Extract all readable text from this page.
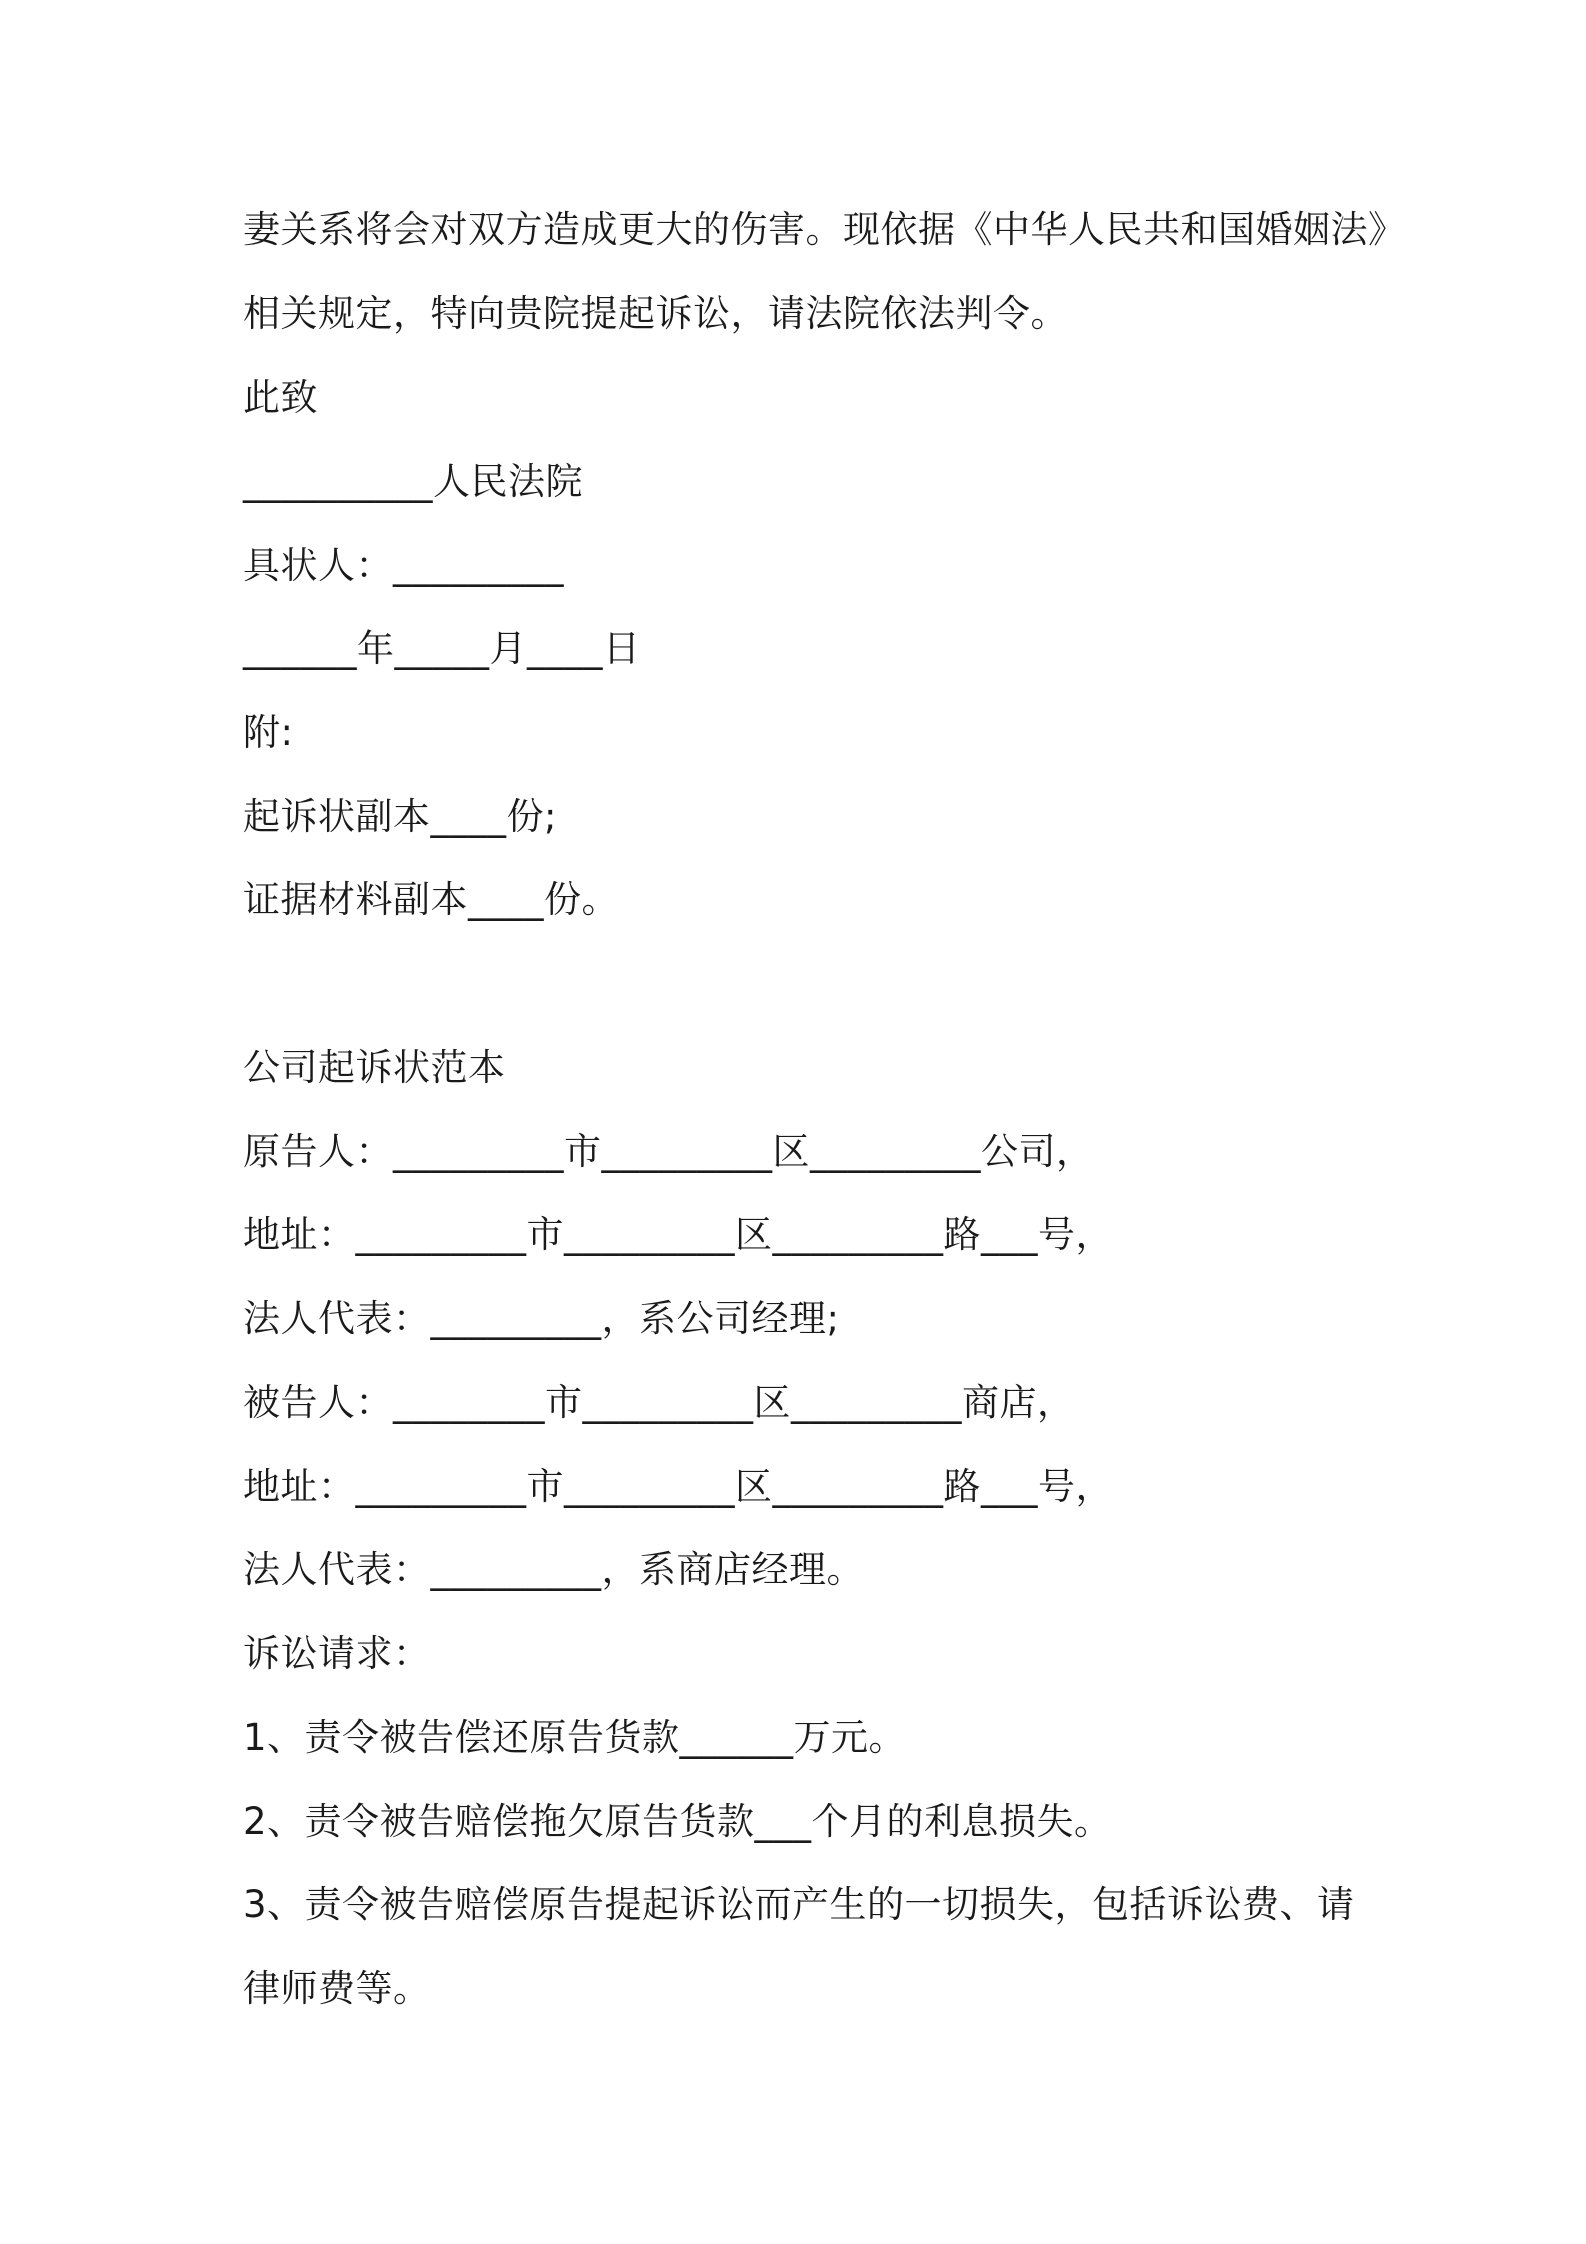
妻关系将会对双方造成更大的伤害。现依据《中华人民共和国婚姻法》
相关规定，特向贵院提起诉讼，请法院依法判令。
此致
__________人民法院
具状人：_________
______年_____月____日
附:
起诉状副本____份;
证据材料副本____份。
公司起诉状范本
原告人：_________市_________区_________公司，
地址：_________市_________区_________路___号，
法人代表：_________，系公司经理;
被告人：________市_________区_________商店，
地址：_________市_________区_________路___号，
法人代表：_________，系商店经理。
诉讼请求：
1、责令被告偿还原告货款______万元。
2、责令被告赔偿拖欠原告货款___个月的利息损失。
3、责令被告赔偿原告提起诉讼而产生的一切损失，包括诉讼费、请
律师费等。
